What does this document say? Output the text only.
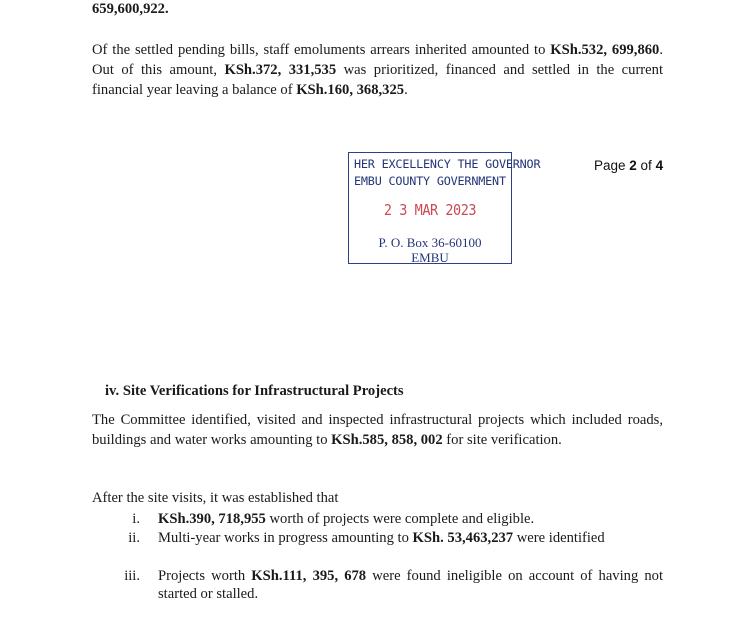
659,600,922.

Of the settled pending bills, staff emoluments arrears inherited amounted to KSh.532, 699,860. Out of this amount, KSh.372, 331,535 was prioritized, financed and settled in the current financial year leaving a balance of KSh.160, 368,325.

HER EXCELLENCY THE GOVERNOR
EMBU COUNTY GOVERNMENT
2 3 MAR 2023
P. O. Box 36-60100
EMBU
Page 2 of 4
iv. Site Verifications for Infrastructural Projects

The Committee identified, visited and inspected infrastructural projects which included roads, buildings and water works amounting to KSh.585, 858, 002 for site verification.

After the site visits, it was established that
i. KSh.390, 718,955 worth of projects were complete and eligible.
ii. Multi-year works in progress amounting to KSh. 53,463,237 were identified
iii. Projects worth KSh.111, 395, 678 were found ineligible on account of having not started or stalled.
